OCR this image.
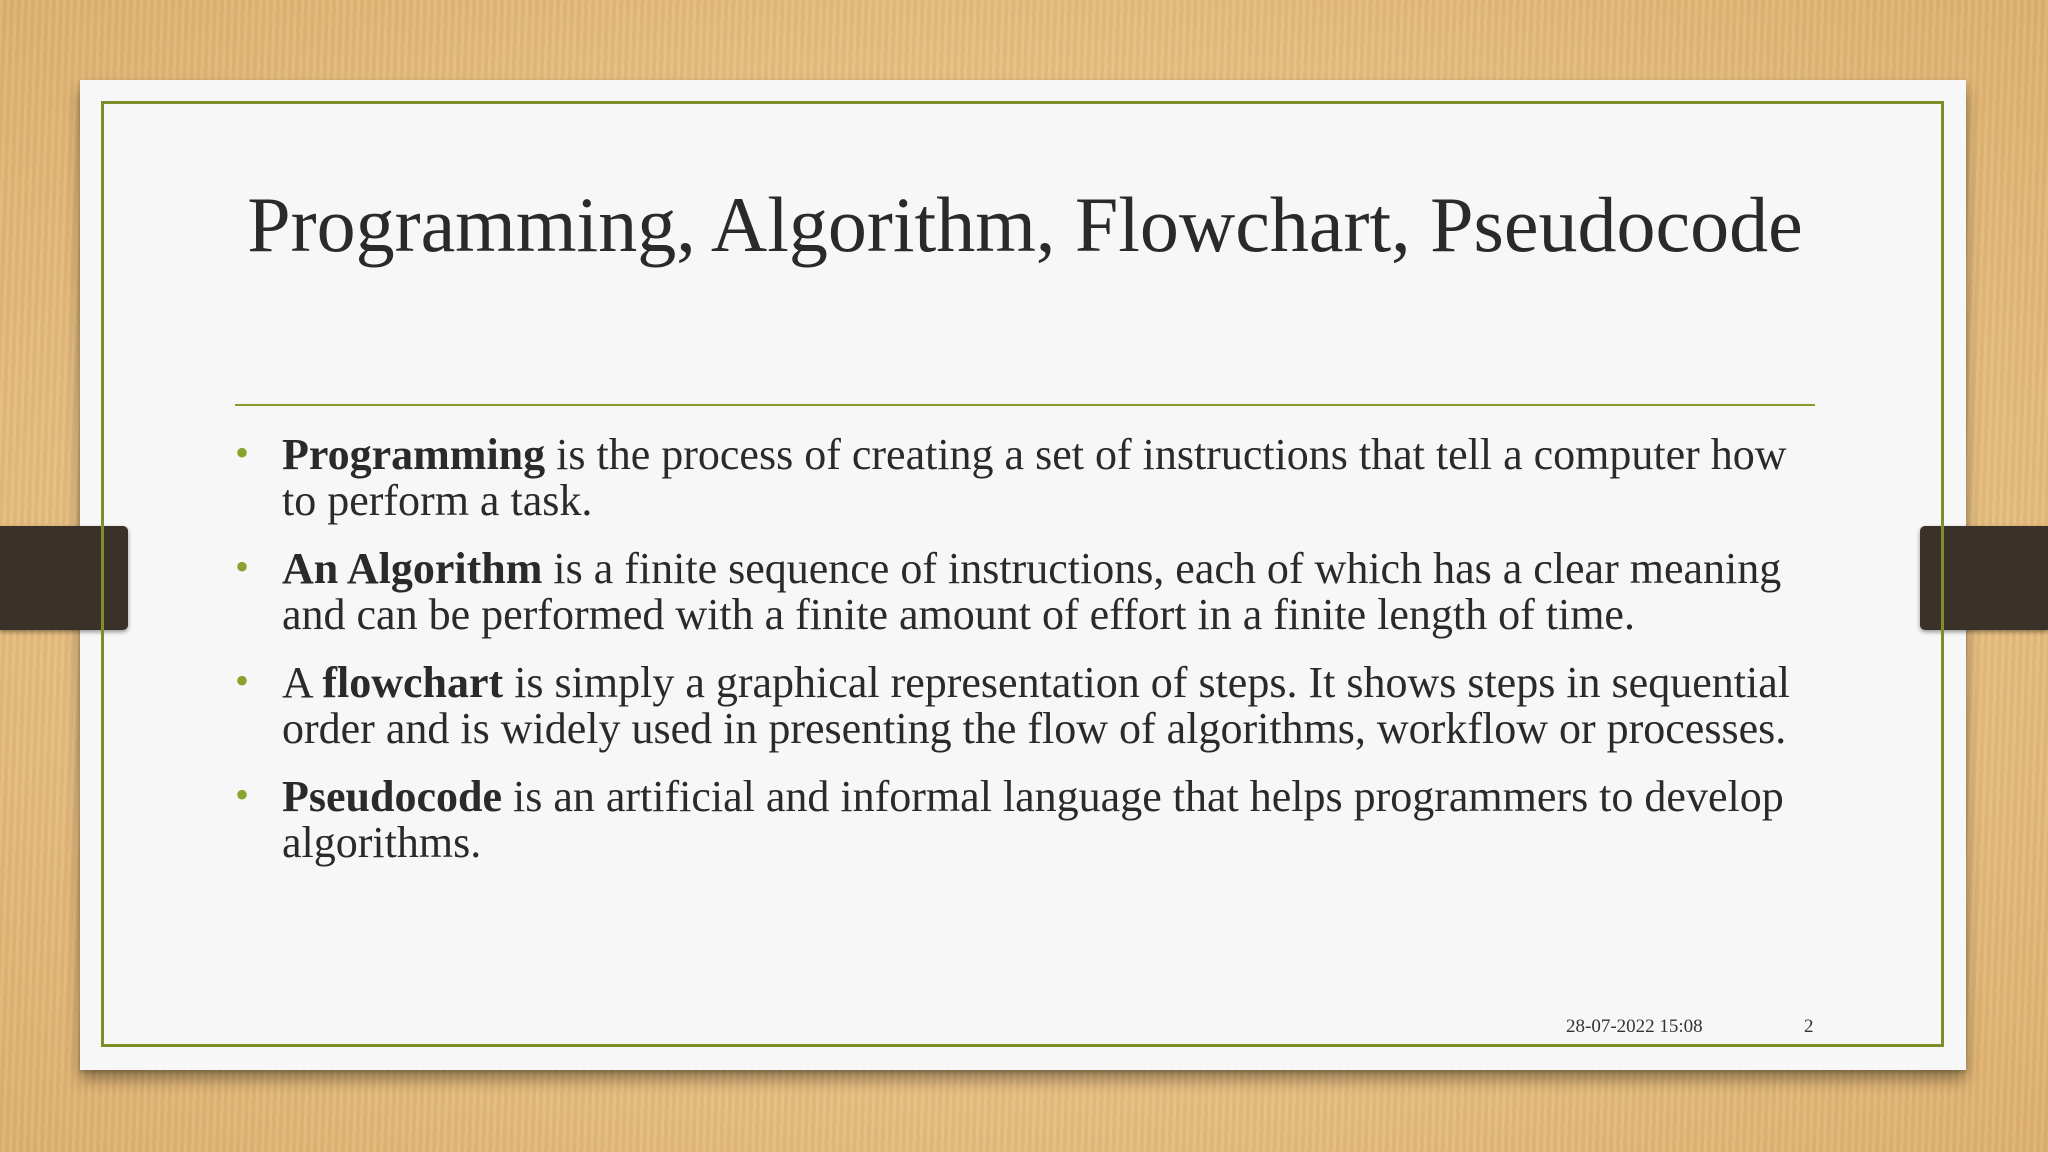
Programming, Algorithm, Flowchart, Pseudocode
• Programming is the process of creating a set of instructions that tell a computer how to perform a task.
• An Algorithm is a finite sequence of instructions, each of which has a clear meaning and can be performed with a finite amount of effort in a finite length of time.
• A flowchart is simply a graphical representation of steps. It shows steps in sequential order and is widely used in presenting the flow of algorithms, workflow or processes.
• Pseudocode is an artificial and informal language that helps programmers to develop algorithms.
28-07-2022 15:08	2
